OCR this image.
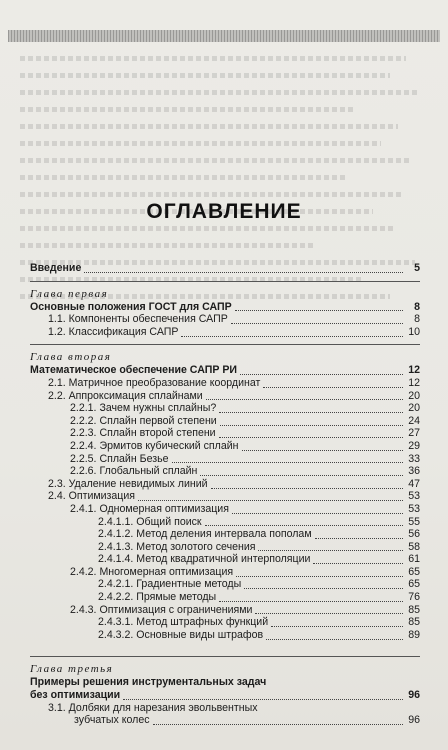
ОГЛАВЛЕНИЕ
Введение	5
Глава первая
Основные положения ГОСТ для САПР	8
1.1. Компоненты обеспечения САПР	8
1.2. Классификация САПР	10
Глава вторая
Математическое обеспечение САПР РИ	12
2.1. Матричное преобразование координат	12
2.2. Аппроксимация сплайнами	20
2.2.1. Зачем нужны сплайны?	20
2.2.2. Сплайн первой степени	24
2.2.3. Сплайн второй степени	27
2.2.4. Эрмитов кубический сплайн	29
2.2.5. Сплайн Безье	33
2.2.6. Глобальный сплайн	36
2.3. Удаление невидимых линий	47
2.4. Оптимизация	53
2.4.1. Одномерная оптимизация	53
2.4.1.1. Общий поиск	55
2.4.1.2. Метод деления интервала пополам	56
2.4.1.3. Метод золотого сечения	58
2.4.1.4. Метод квадратичной интерполяции	61
2.4.2. Многомерная оптимизация	65
2.4.2.1. Градиентные методы	65
2.4.2.2. Прямые методы	76
2.4.3. Оптимизация с ограничениями	85
2.4.3.1. Метод штрафных функций	85
2.4.3.2. Основные виды штрафов	89
Глава третья
Примеры решения инструментальных задач
без оптимизации	96
3.1. Долбяки для нарезания эвольвентных
зубчатых колес	96
